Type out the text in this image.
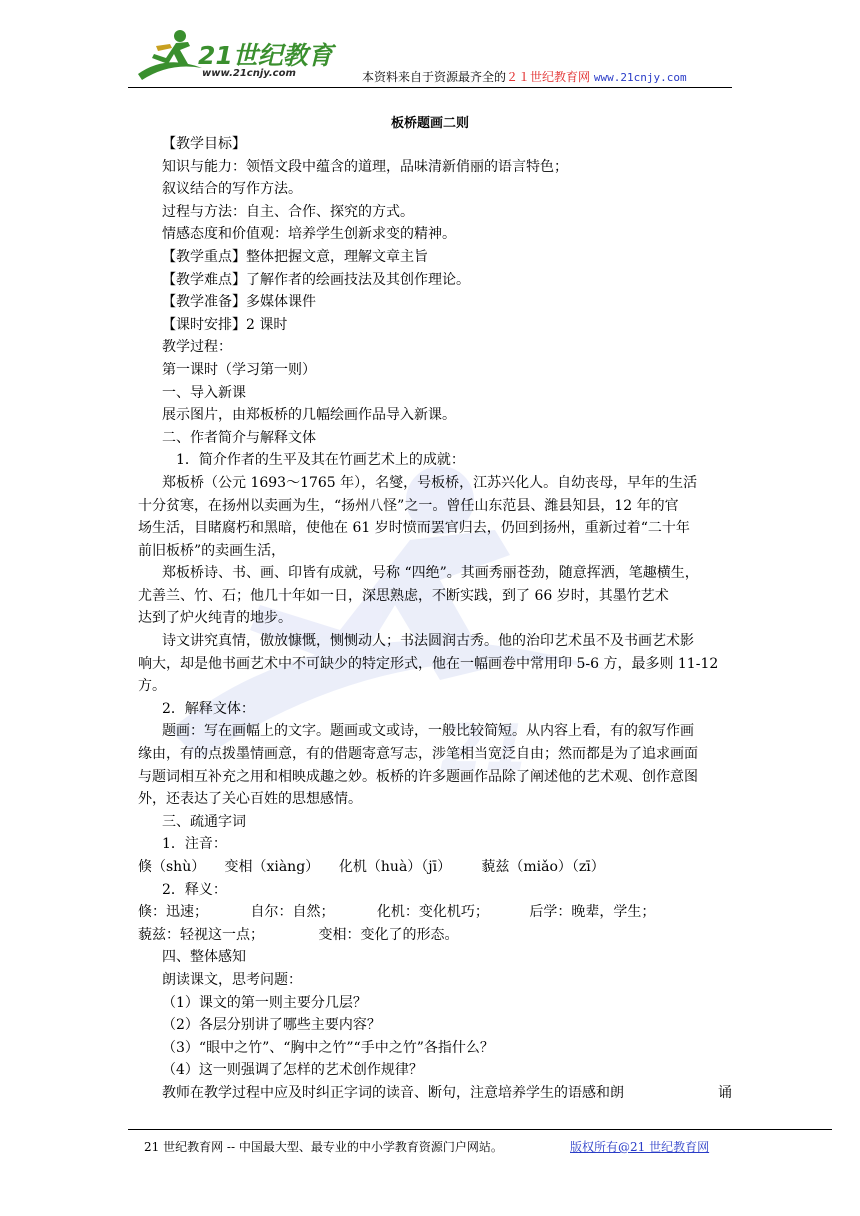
21世纪教育
www.21cnjy.com	本资料来自于资源最齐全的２１世纪教育网 www.21cnjy.com
21
板桥题画二则
【教学目标】
知识与能力：领悟文段中蕴含的道理，品味清新俏丽的语言特色；
叙议结合的写作方法。
过程与方法：自主、合作、探究的方式。
情感态度和价值观：培养学生创新求变的精神。
【教学重点】整体把握文意，理解文章主旨
【教学难点】了解作者的绘画技法及其创作理论。
【教学准备】多媒体课件
【课时安排】2 课时
教学过程：
第一课时（学习第一则）
一、导入新课
展示图片，由郑板桥的几幅绘画作品导入新课。
二、作者简介与解释文体
1．简介作者的生平及其在竹画艺术上的成就：
郑板桥（公元 1693～1765 年），名燮，号板桥，江苏兴化人。自幼丧母，早年的生活
十分贫寒，在扬州以卖画为生，“扬州八怪”之一。曾任山东范县、潍县知县，12 年的官
场生活，目睹腐朽和黑暗，使他在 61 岁时愤而罢官归去，仍回到扬州，重新过着“二十年
前旧板桥”的卖画生活，
郑板桥诗、书、画、印皆有成就，号称 “四绝”。其画秀丽苍劲，随意挥洒，笔趣横生，
尤善兰、竹、石；他几十年如一日，深思熟虑，不断实践，到了 66 岁时，其墨竹艺术
达到了炉火纯青的地步。
诗文讲究真情，傲放慷慨，恻恻动人；书法圆润古秀。他的治印艺术虽不及书画艺术影
响大，却是他书画艺术中不可缺少的特定形式，他在一幅画卷中常用印 5-6 方，最多则 11-12
方。
2．解释文体：
题画：写在画幅上的文字。题画或文或诗，一般比较简短。从内容上看，有的叙写作画
缘由，有的点拨墨情画意，有的借题寄意写志，涉笔相当宽泛自由；然而都是为了追求画面
与题词相互补充之用和相映成趣之妙。板桥的许多题画作品除了阐述他的艺术观、创作意图
外，还表达了关心百姓的思想感情。
三、疏通字词
1．注音：
倏（shù） 变相（xiàng） 化机（huà）（jī） 藐兹（miǎo）（zī）
2．释义：
倏：迅速；	自尔：自然；	化机：变化机巧；	后学：晚辈，学生；
藐兹：轻视这一点；	变相：变化了的形态。
四、整体感知
朗读课文，思考问题：
（1）课文的第一则主要分几层？
（2）各层分别讲了哪些主要内容？
（3）“眼中之竹”、“胸中之竹”“手中之竹”各指什么？
（4）这一则强调了怎样的艺术创作规律？
教师在教学过程中应及时纠正字词的读音、断句，注意培养学生的语感和朗	诵
21 世纪教育网 -- 中国最大型、最专业的中小学教育资源门户网站。	版权所有@21 世纪教育网
